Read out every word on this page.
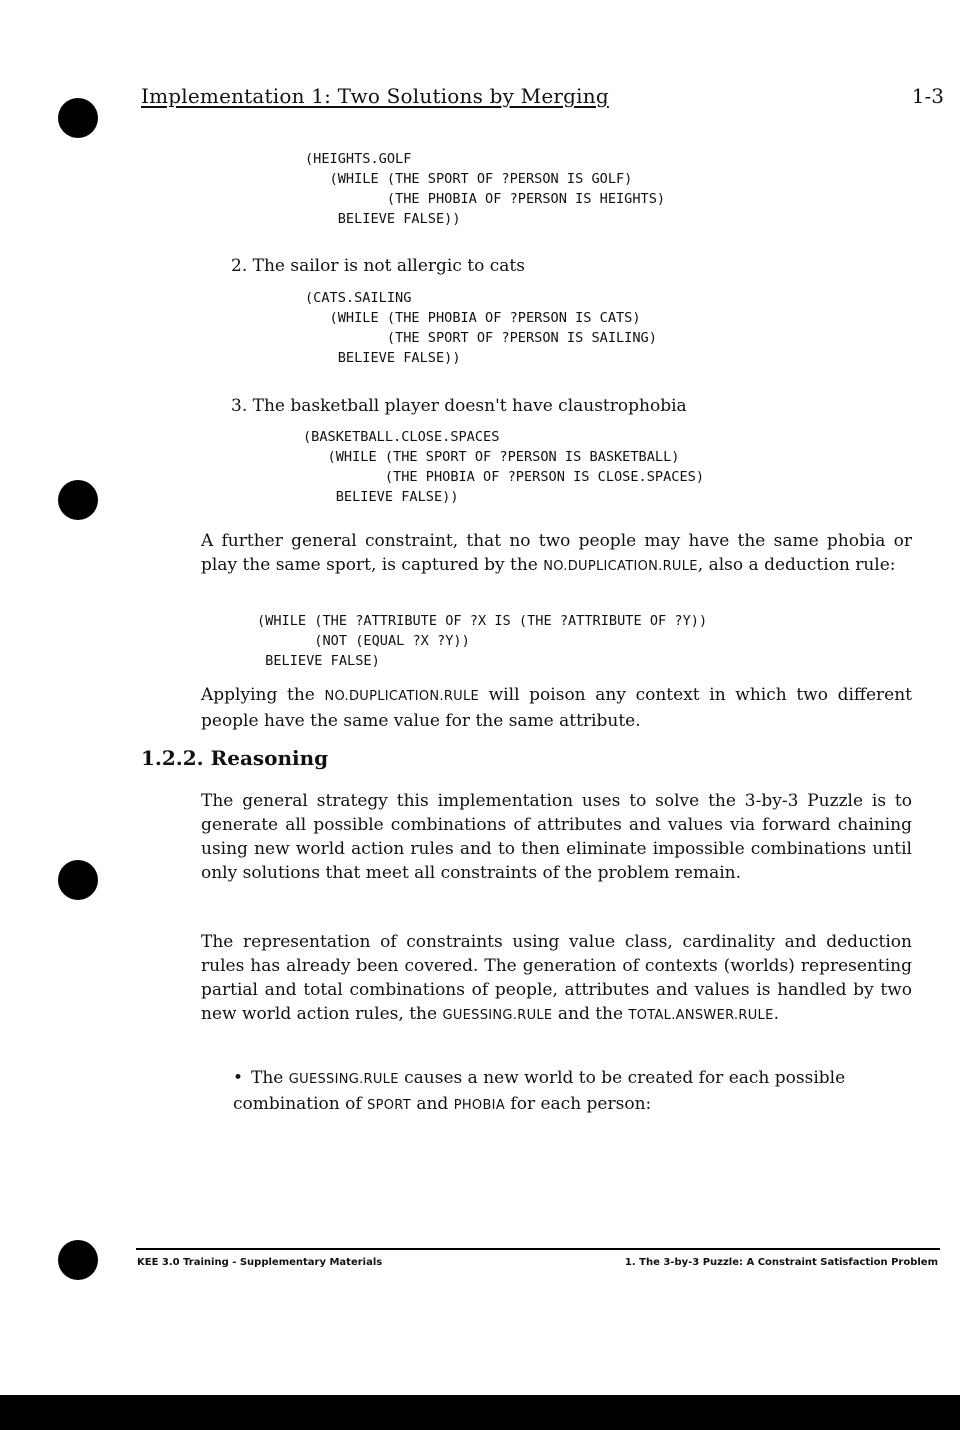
Implementation 1: Two Solutions by Merging	1-3
(HEIGHTS.GOLF
(WHILE (THE SPORT OF ?PERSON IS GOLF)
(THE PHOBIA OF ?PERSON IS HEIGHTS)
BELIEVE FALSE))
2. The sailor is not allergic to cats
(CATS.SAILING
(WHILE (THE PHOBIA OF ?PERSON IS CATS)
(THE SPORT OF ?PERSON IS SAILING)
BELIEVE FALSE))
3. The basketball player doesn't have claustrophobia
(BASKETBALL.CLOSE.SPACES
(WHILE (THE SPORT OF ?PERSON IS BASKETBALL)
(THE PHOBIA OF ?PERSON IS CLOSE.SPACES)
BELIEVE FALSE))

A further general constraint, that no two people may have the same phobia or play the same sport, is captured by the NO.DUPLICATION.RULE, also a deduction rule:

(WHILE (THE ?ATTRIBUTE OF ?X IS (THE ?ATTRIBUTE OF ?Y))
(NOT (EQUAL ?X ?Y))
BELIEVE FALSE)

Applying the NO.DUPLICATION.RULE will poison any context in which two different people have the same value for the same attribute.

1.2.2. Reasoning

The general strategy this implementation uses to solve the 3-by-3 Puzzle is to generate all possible combinations of attributes and values via forward chaining using new world action rules and to then eliminate impossible combinations until only solutions that meet all constraints of the problem remain.

The representation of constraints using value class, cardinality and deduction rules has already been covered. The generation of contexts (worlds) representing partial and total combinations of people, attributes and values is handled by two new world action rules, the GUESSING.RULE and the TOTAL.ANSWER.RULE.

• The GUESSING.RULE causes a new world to be created for each possible combination of SPORT and PHOBIA for each person:
KEE 3.0 Training - Supplementary Materials	1. The 3-by-3 Puzzle: A Constraint Satisfaction Problem
